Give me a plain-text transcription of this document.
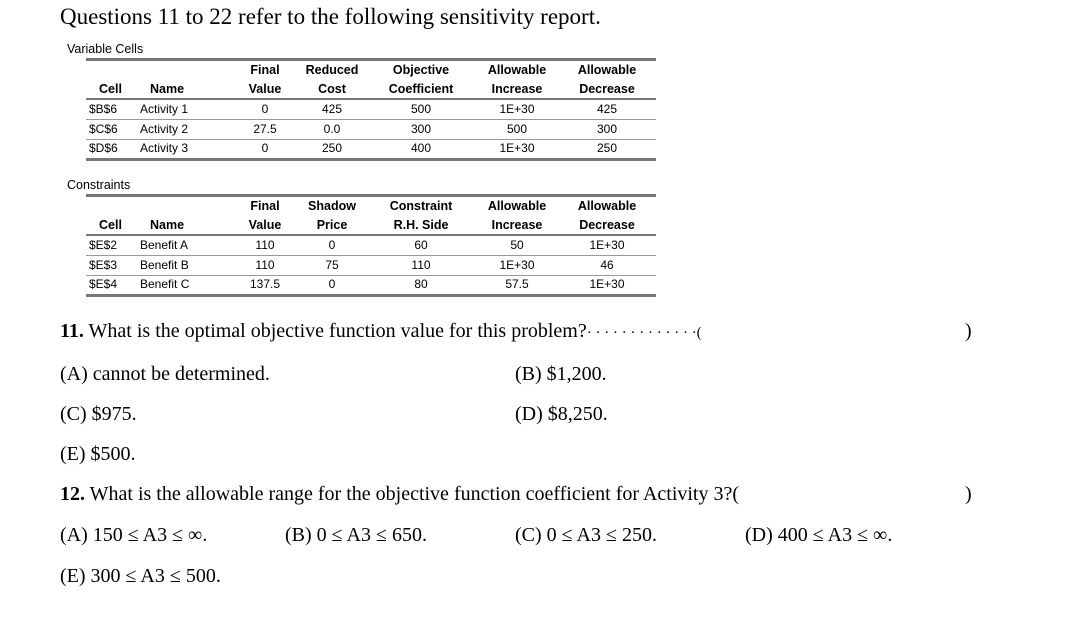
Questions 11 to 22 refer to the following sensitivity report.
Variable Cells
Final	Reduced	Objective	Allowable	Allowable
Cell Name	Value	Cost	Coefficient	Increase	Decrease
$B$6 Activity 1	0	425	500	1E+30	425
$C$6 Activity 2	27.5	0.0	300	500	300
$D$6 Activity 3	0	250	400	1E+30	250
Constraints
Final	Shadow	Constraint	Allowable	Allowable
Cell Name	Value	Price	R.H. Side	Increase	Decrease
$E$2 Benefit A	110	0	60	50	1E+30
$E$3 Benefit B	110	75	110	1E+30	46
$E$4 Benefit C	137.5	0	80	57.5	1E+30
11. What is the optimal objective function value for this problem?· · · · · · · · · · · · ·(	)
(A) cannot be determined.	(B) $1,200.
(C) $975.	(D) $8,250.
(E) $500.
12. What is the allowable range for the objective function coefficient for Activity 3?(	)
(A) 150 ≤ A3 ≤ ∞.	(B) 0 ≤ A3 ≤ 650.	(C) 0 ≤ A3 ≤ 250.	(D) 400 ≤ A3 ≤ ∞.
(E) 300 ≤ A3 ≤ 500.
